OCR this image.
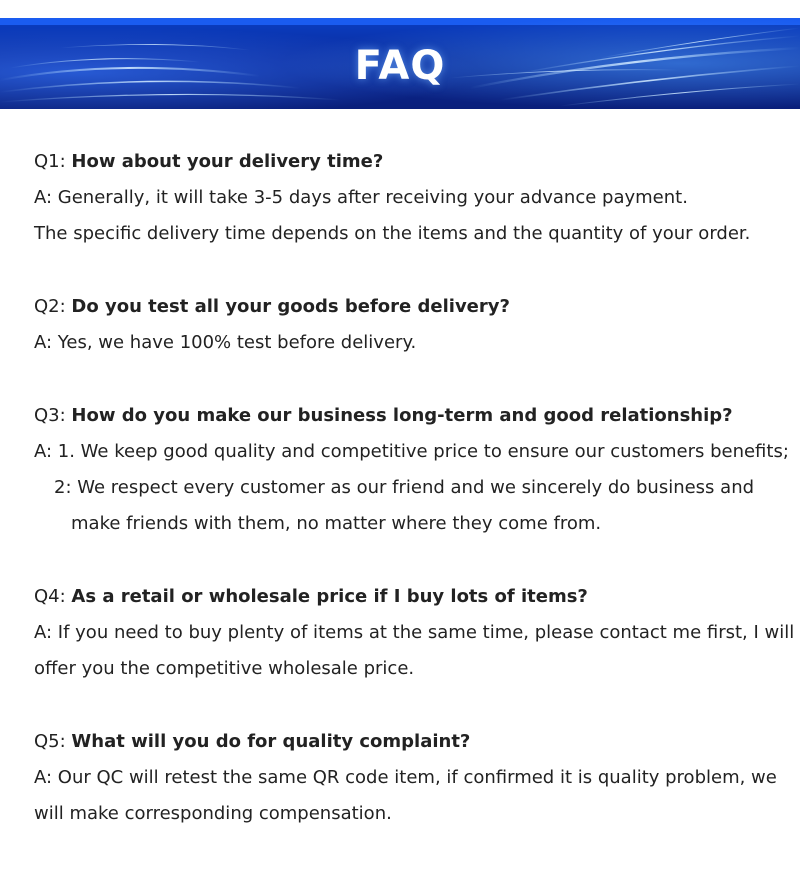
FAQ
Q1: How about your delivery time?
A: Generally, it will take 3-5 days after receiving your advance payment.
The specific delivery time depends on the items and the quantity of your order.
Q2: Do you test all your goods before delivery?
A: Yes, we have 100% test before delivery.
Q3: How do you make our business long-term and good relationship?
A: 1. We keep good quality and competitive price to ensure our customers benefits;
2: We respect every customer as our friend and we sincerely do business and
make friends with them, no matter where they come from.
Q4: As a retail or wholesale price if I buy lots of items?
A: If you need to buy plenty of items at the same time, please contact me first, I will
offer you the competitive wholesale price.
Q5: What will you do for quality complaint?
A: Our QC will retest the same QR code item, if confirmed it is quality problem, we
will make corresponding compensation.
